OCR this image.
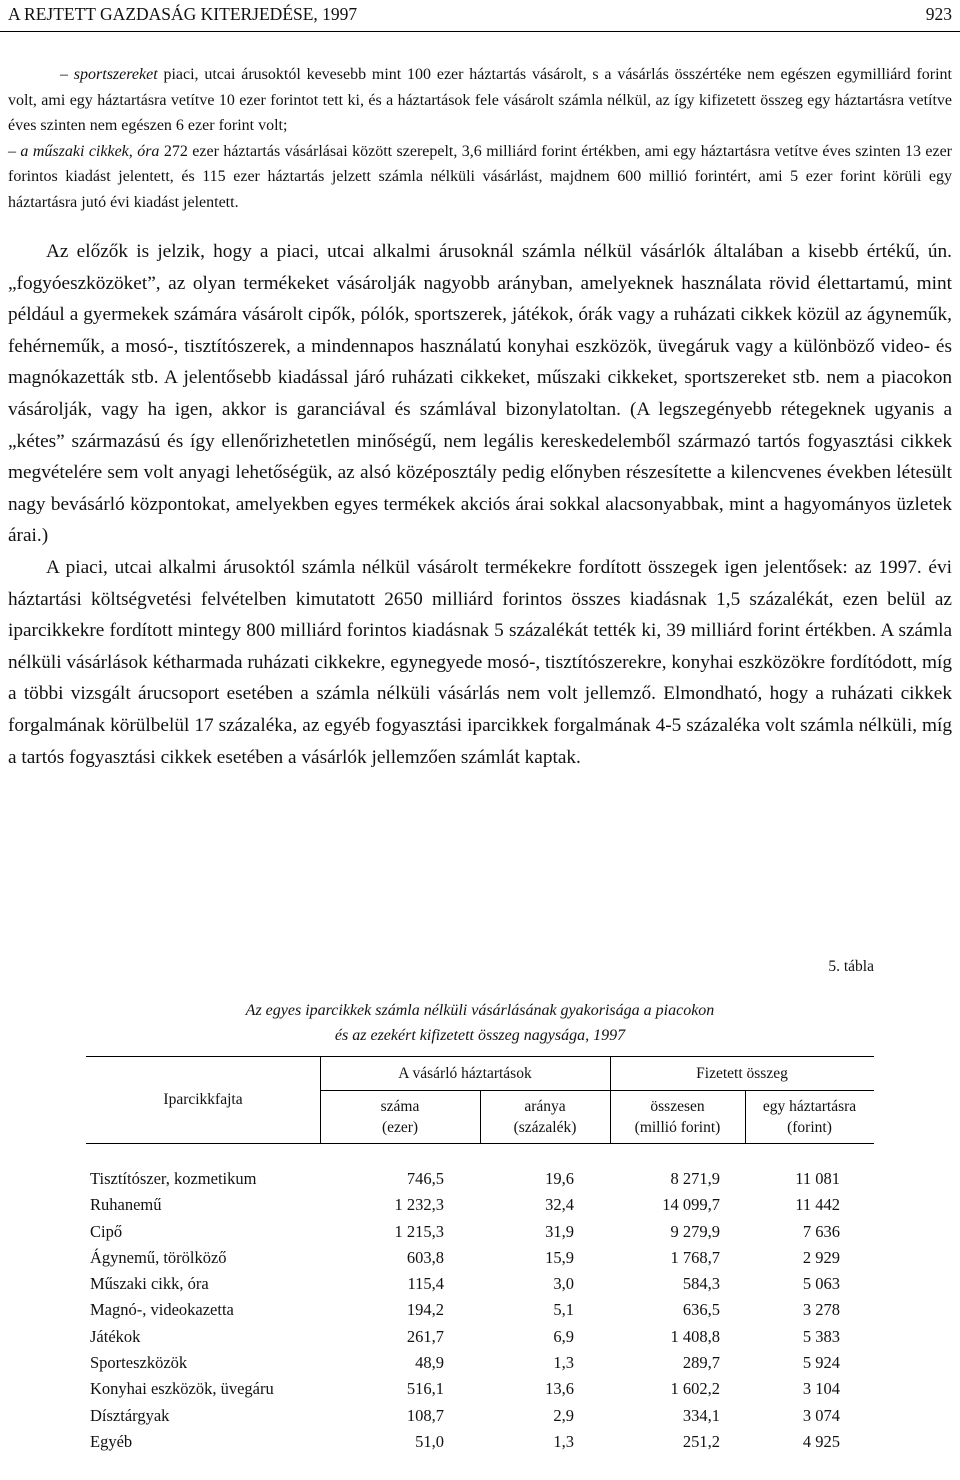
A REJTETT GAZDASÁG KITERJEDÉSE, 1997	923

– sportszereket piaci, utcai árusoktól kevesebb mint 100 ezer háztartás vásárolt, s a vásárlás összértéke nem egészen egymilliárd forint volt, ami egy háztartásra vetítve 10 ezer forintot tett ki, és a háztartások fele vásárolt számla nélkül, az így kifizetett összeg egy háztartásra vetítve éves szinten nem egészen 6 ezer forint volt;

– a műszaki cikkek, óra 272 ezer háztartás vásárlásai között szerepelt, 3,6 milliárd forint értékben, ami egy háztartásra vetítve éves szinten 13 ezer forintos kiadást jelentett, és 115 ezer háztartás jelzett számla nélküli vásárlást, majdnem 600 millió forintért, ami 5 ezer forint körüli egy háztartásra jutó évi kiadást jelentett.

Az előzők is jelzik, hogy a piaci, utcai alkalmi árusoknál számla nélkül vásárlók általában a kisebb értékű, ún. „fogyóeszközöket”, az olyan termékeket vásárolják nagyobb arányban, amelyeknek használata rövid élettartamú, mint például a gyermekek számára vásárolt cipők, pólók, sportszerek, játékok, órák vagy a ruházati cikkek közül az ágyneműk, fehérneműk, a mosó-, tisztítószerek, a mindennapos használatú konyhai eszközök, üvegáruk vagy a különböző video- és magnókazetták stb. A jelentősebb kiadással járó ruházati cikkeket, műszaki cikkeket, sportszereket stb. nem a piacokon vásárolják, vagy ha igen, akkor is garanciával és számlával bizonylatoltan. (A legszegényebb rétegeknek ugyanis a „kétes” származású és így ellenőrizhetetlen minőségű, nem legális kereskedelemből származó tartós fogyasztási cikkek megvételére sem volt anyagi lehetőségük, az alsó középosztály pedig előnyben részesítette a kilencvenes években létesült nagy bevásárló központokat, amelyekben egyes termékek akciós árai sokkal alacsonyabbak, mint a hagyományos üzletek árai.)

A piaci, utcai alkalmi árusoktól számla nélkül vásárolt termékekre fordított összegek igen jelentősek: az 1997. évi háztartási költségvetési felvételben kimutatott 2650 milliárd forintos összes kiadásnak 1,5 százalékát, ezen belül az iparcikkekre fordított mintegy 800 milliárd forintos kiadásnak 5 százalékát tették ki, 39 milliárd forint értékben. A számla nélküli vásárlások kétharmada ruházati cikkekre, egynegyede mosó-, tisztítószerekre, konyhai eszközökre fordítódott, míg a többi vizsgált árucsoport esetében a számla nélküli vásárlás nem volt jellemző. Elmondható, hogy a ruházati cikkek forgalmának körülbelül 17 százaléka, az egyéb fogyasztási iparcikkek forgalmának 4-5 százaléka volt számla nélküli, míg a tartós fogyasztási cikkek esetében a vásárlók jellemzően számlát kaptak.

5. tábla
Az egyes iparcikkek számla nélküli vásárlásának gyakorisága a piacokon
és az ezekért kifizetett összeg nagysága, 1997
Iparcikkfajta
A vásárló háztartások	Fizetett összeg
száma
(ezer)
aránya
(százalék)
összesen
(millió forint)
egy háztartásra
(forint)
Tisztítószer, kozmetikum	746,5	19,6	8 271,9	11 081
Ruhanemű	1 232,3	32,4	14 099,7	11 442
Cipő	1 215,3	31,9	9 279,9	7 636
Ágynemű, törölköző	603,8	15,9	1 768,7	2 929
Műszaki cikk, óra	115,4	3,0	584,3	5 063
Magnó-, videokazetta	194,2	5,1	636,5	3 278
Játékok	261,7	6,9	1 408,8	5 383
Sporteszközök	48,9	1,3	289,7	5 924
Konyhai eszközök, üvegáru	516,1	13,6	1 602,2	3 104
Dísztárgyak	108,7	2,9	334,1	3 074
Egyéb	51,0	1,3	251,2	4 925
